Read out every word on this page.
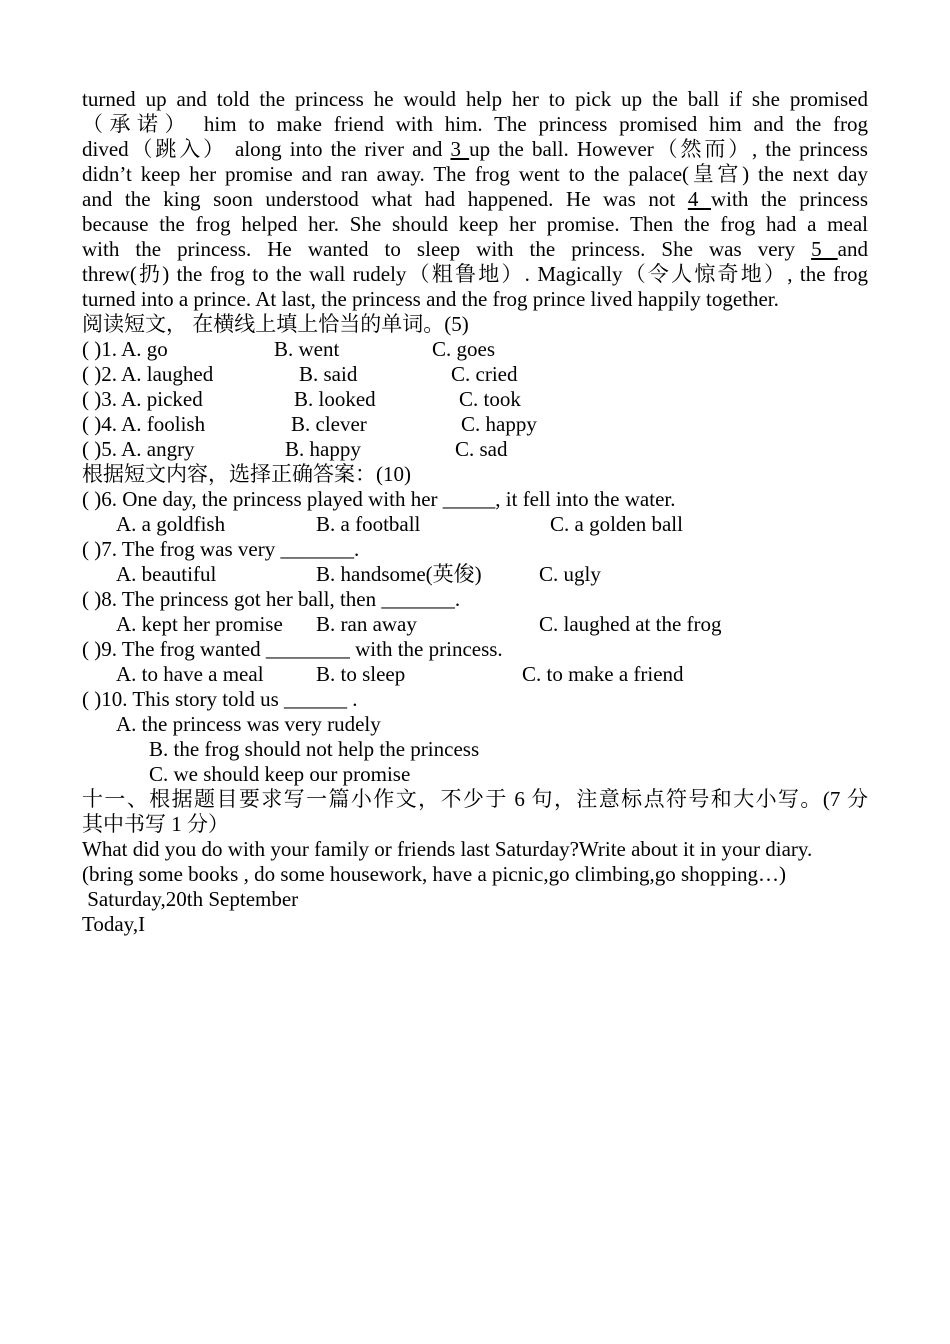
turned up and told the princess he would help her to pick up the ball if she promised
（承诺） him to make friend with him. The princess promised him and the frog
dived（跳入） along into the river and 3 up the ball. However（然而）, the princess
didn’t keep her promise and ran away. The frog went to the palace(皇宫) the next day
and the king soon understood what had happened. He was not 4 with the princess
because the frog helped her. She should keep her promise. Then the frog had a meal
with the princess. He wanted to sleep with the princess. She was very 5 and
threw(扔) the frog to the wall rudely（粗鲁地）. Magically（令人惊奇地）, the frog
turned into a prince. At last, the princess and the frog prince lived happily together.
阅读短文， 在横线上填上恰当的单词。(5)
( )1. A. go	B. went	C. goes
( )2. A. laughed	B. said	C. cried
( )3. A. picked	B. looked	C. took
( )4. A. foolish	B. clever	C. happy
( )5. A. angry	B. happy	C. sad
根据短文内容，选择正确答案：(10)
( )6. One day, the princess played with her _____, it fell into the water.
A. a goldfish	B. a football	C. a golden ball
( )7. The frog was very _______.
A. beautiful	B. handsome(英俊)	C. ugly
( )8. The princess got her ball, then _______.
A. kept her promise B. ran away	C. laughed at the frog
( )9. The frog wanted ________ with the princess.
A. to have a meal B. to sleep	C. to make a friend
( )10. This story told us ______ .
A. the princess was very rudely
B. the frog should not help the princess
C. we should keep our promise
十一、根据题目要求写一篇小作文，不少于 6 句，注意标点符号和大小写。(7 分
其中书写 1 分）
What did you do with your family or friends last Saturday?Write about it in your diary.
(bring some books , do some housework, have a picnic,go climbing,go shopping…)
Saturday,20th September
Today,I
